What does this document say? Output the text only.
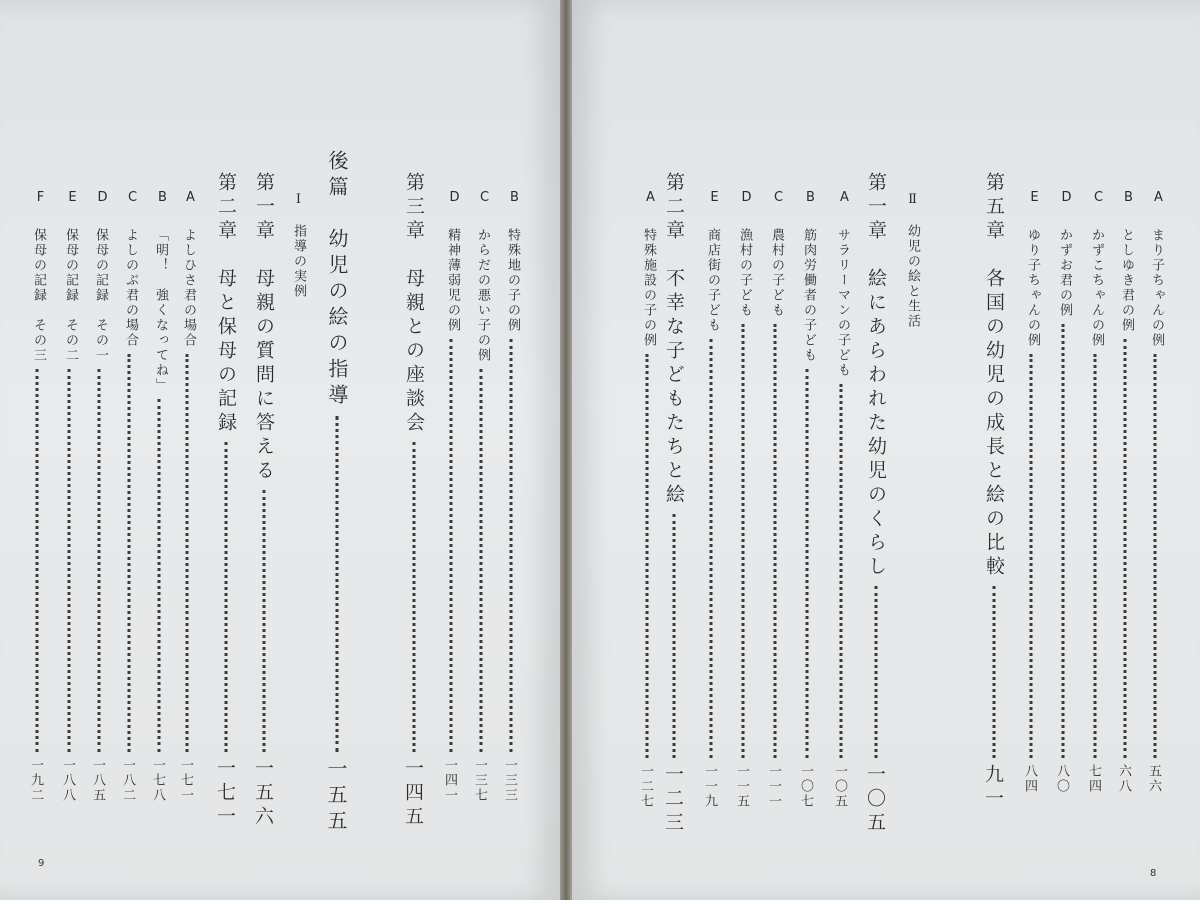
9
8
F
保母の記録　その三
一九二
E
保母の記録　その二
一八八
D
保母の記録　その一
一八五
C
よしのぶ君の場合
一八二
B
「明！　強くなってね」
一七八
A
よしひさ君の場合
一七一
第二章　母と保母の記録
一七一
第一章　母親の質問に答える
一五六
Ⅰ　指導の実例 後篇　幼児の絵の指導
一五五
第三章　母親との座談会
一四五
D
精神薄弱児の例
一四一
C
からだの悪い子の例
一三七
B
特殊地の子の例
一三三
A
まり子ちゃんの例
五六
B
としゆき君の例
六八
C
かずこちゃんの例
七四
D
かずお君の例
八〇
E
ゆり子ちゃんの例
八四
第五章　各国の幼児の成長と絵の比較
九一
Ⅱ　幼児の絵と生活
第一章　絵にあらわれた幼児のくらし
一〇五
A
サラリーマンの子ども
一〇五
B
筋肉労働者の子ども
一〇七
C
農村の子ども
一一一
D
漁村の子ども
一一五
E
商店街の子ども
一一九
第二章　不幸な子どもたちと絵
一二三
A
特殊施設の子の例
一二七
